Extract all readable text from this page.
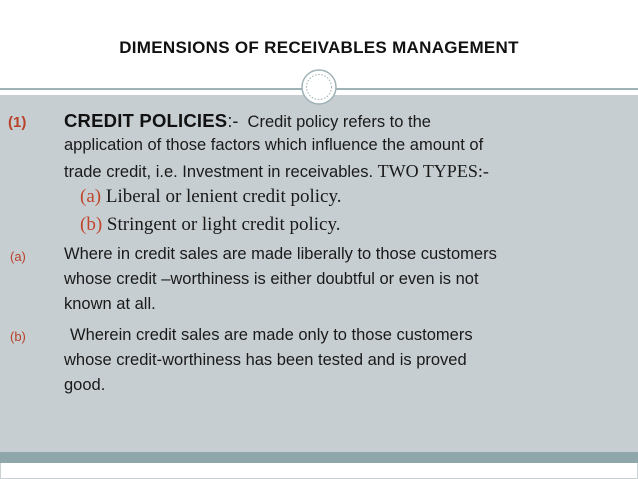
DIMENSIONS OF RECEIVABLES MANAGEMENT
(1) CREDIT POLICIES:- Credit policy refers to the
application of those factors which influence the amount of
trade credit, i.e. Investment in receivables. TWO TYPES:-
(a) Liberal or lenient credit policy.
(b) Stringent or light credit policy.
(a) Where in credit sales are made liberally to those customers
whose credit –worthiness is either doubtful or even is not
known at all.
(b)	Wherein credit sales are made only to those customers
whose credit-worthiness has been tested and is proved
good.
